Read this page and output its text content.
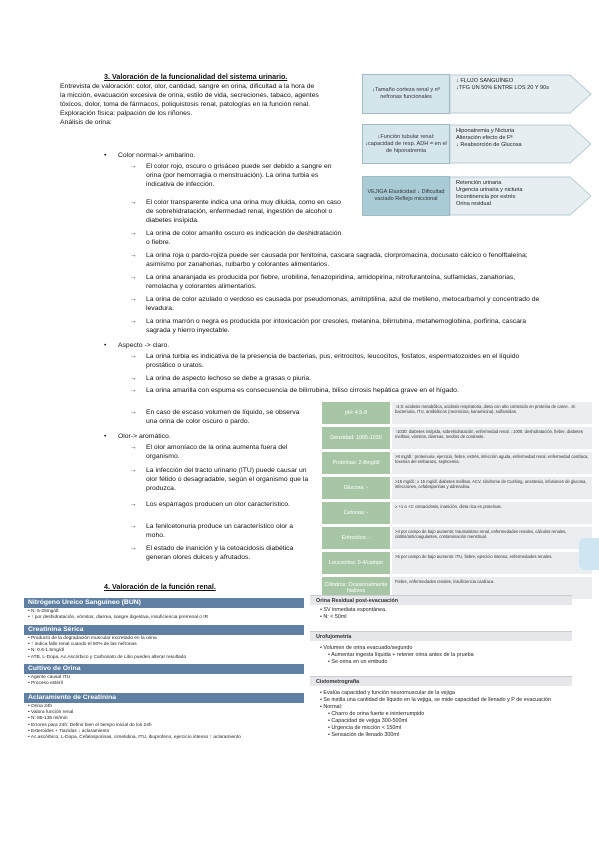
3. Valoración de la funcionalidad del sistema urinario.

Entrevista de valoración: color, olor, cantidad, sangre en orina, dificultad a la hora de la micción, evacuación excesiva de orina, estilo de vida, secreciones, tabaco, agentes tóxicos, dolor, toma de fármacos, poliquistosis renal, patologías en la función renal.

Exploración física: palpación de los riñones.

Análisis de orina:

• Color normal-> ambarino.
→ El color rojo, oscuro o grisáceo puede ser debido a sangre en orina (por hemorragia o menstruación). La orina turbia es indicativa de infección.
→ El color transparente indica una orina muy diluida, como en caso de sobrehidratación, enfermedad renal, ingestión de alcohol o diabetes insípida.
→ La orina de color amarillo oscuro es indicación de deshidratación o fiebre.
→ La orina roja o pardo-rojiza puede ser causada por fenitoína, cascara sagrada, clorpromacina, docusato cálcico o fenolftaleína; asimismo por zanahorias, ruibarbo y colorantes alimentarios.
→ La orina anaranjada es producida por fiebre, urobilina, fenazopiridina, amidopirina, nitrofurantoína, sulfamidas, zanahorias, remolacha y colorantes alimentarios.
→ La orina de color azulado o verdoso es causada por pseudomonas, amitriptilina, azul de metileno, metocarbamol y concentrado de levadura.
→ La orina marrón o negra es producida por intoxicación por cresoles, melanina, bilirrubina, metahemoglobina, porfirina, cascara sagrada y hierro inyectable.
• Aspecto -> claro.
→ La orina turbia es indicativa de la presencia de bacterias, pus, eritrocitos, leucocitos, fosfatos, espermatozoides en el líquido prostático o uratos.
→ La orina de aspecto lechoso se debe a grasas o piuria.
→ La orina amarilla con espuma es consecuencia de bilirrubina, biliso cirrosis hepática grave en el hígado.
→ En caso de escaso volumen de líquido, se observa una orina de color oscuro o pardo.
• Olor-> aromático.
→ El olor amoníaco de la orina aumenta fuera del organismo.
→ La infección del tracto urinario (ITU) puede causar un olor fétido o desagradable, según el organismo que la produzca.
→ Los espárragos producen un olor característico.
→ La fenilcetonuria produce un característico olor a moho.
→ El estado de inanición y la cetoacidosis diabética generan olores dulces y afrutados.
↓Tamaño corteza renal y nº nefronas funcionales
↓ FLUJO SANGUÍNEO
↓TFG UN 50% ENTRE LOS 20 Y 90s
↓Función tubular renal: ↓capacidad de resp. ADH = en el de hiponatremia
Hiponatremia y Nicturia
Alteración efecto de Fª
↓ Reabsorción de Glucosa
VEJIGA Elasticidad ↓ Dificultad vaciado Reflejo miccional
Retención urinaria
Urgencia urinaria y nicturia
Incontinencia por estrés
Orina residual
pH: 4.5-8
↑4,5: acidosis metabólica, acidosis respiratoria, dieta con alto contenido en proteína de carne. ↓8: bacteriuria, ITU, antibióticos (neomicina, kanamicina), sulfamidas.
Densidad: 1005-1030
↑1030: diabetes insípida, sobrehidratación, enfermedad renal. ↓1005: deshidratación, fiebre, diabetes mellitus, vómitos, diarreas, medios de contraste.
Proteínas: 2-8mg/dl
>8 mg/dl.: proteinuria, ejercicio, fiebre, estrés, infección aguda, enfermedad renal, enfermedad cardíaca, toxemia del embarazo, septicemia.
Glucosa: -
>15 mg/dl.: ≥ 15 mg/dl. diabetes mellitus, ACV, síndrome de Cushing, anestesia, infusiones de glucosa, infecciones, cefalosporinas y adrenalina.
Cetonas: -
≥ +1 a +3: cetoacidosis, inanición, dieta rica en proteínas.
Eritrocitos: -
>4 por campo de bajo aumento: traumatismo renal, enfermedades renales, cálculos renales, cistitis/anticoagulantes, contaminación menstrual.
Leucocitos: 0-4/campo
>5 por campo de bajo aumento: ITU, fiebre, ejercicio intenso, enfermedades renales.
Cilindros: Ocasionalmente hialinos
Fiebre, enfermedades renales, insuficiencia cardíaca.
4. Valoración de la función renal.
Nitrógeno Ureico Sanguíneo (BUN)
• N: 5-25mg/dl
• ↑ por deshidratación, vómitos, diarrea, sangre digestiva, insuficiencia prerrenal o IR
Creatinina Sérica
• Producto de la degradación muscular excretado en la orina
• ↑ indica fallo renal cuando el 50% de las nefronas
• N: 0.6-1.5mg/dl
• ATB, L-Dopa, Ac.Ascórbico y Carbonato de Litio pueden alterar resultado
Cultivo de Orina
• Agente causal ITU
• Proceso estéril
Aclaramiento de Creatinina
• Orina 24h
• Valora función renal
• N: 85-135 ml/min
• Errores para 24h: Definir bien el tiempo inicial de los 24h
• Esteroides + Tiazidas ↓ aclaramiento
• Ac.ascórbico, L-Dopa, Cefalosporinas, cimetidina, ITU, ibuprofeno, ejercicio intenso ↑ aclaramiento
Orina Residual post-evacuación
• SV inmediata espontánea.
• N: < 50ml
Urofujometría
• Volumen de orina evacuado/segundo
• Aumentar ingesta líquida + retener orina antes de la prueba
• Se orina en un embudo
Cistometrografía
• Evalúa capacidad y función neuromuscular de la vejiga
• Se instila una cantidad de líquido en la vejiga, se mide capacidad de llenado y P de evacuación
• Normal:
• Charro de orina fuerte e ininterrumpido
• Capacidad de vejiga 300-500ml
• Urgencia de micción < 150ml
• Sensación de llenado 300ml
